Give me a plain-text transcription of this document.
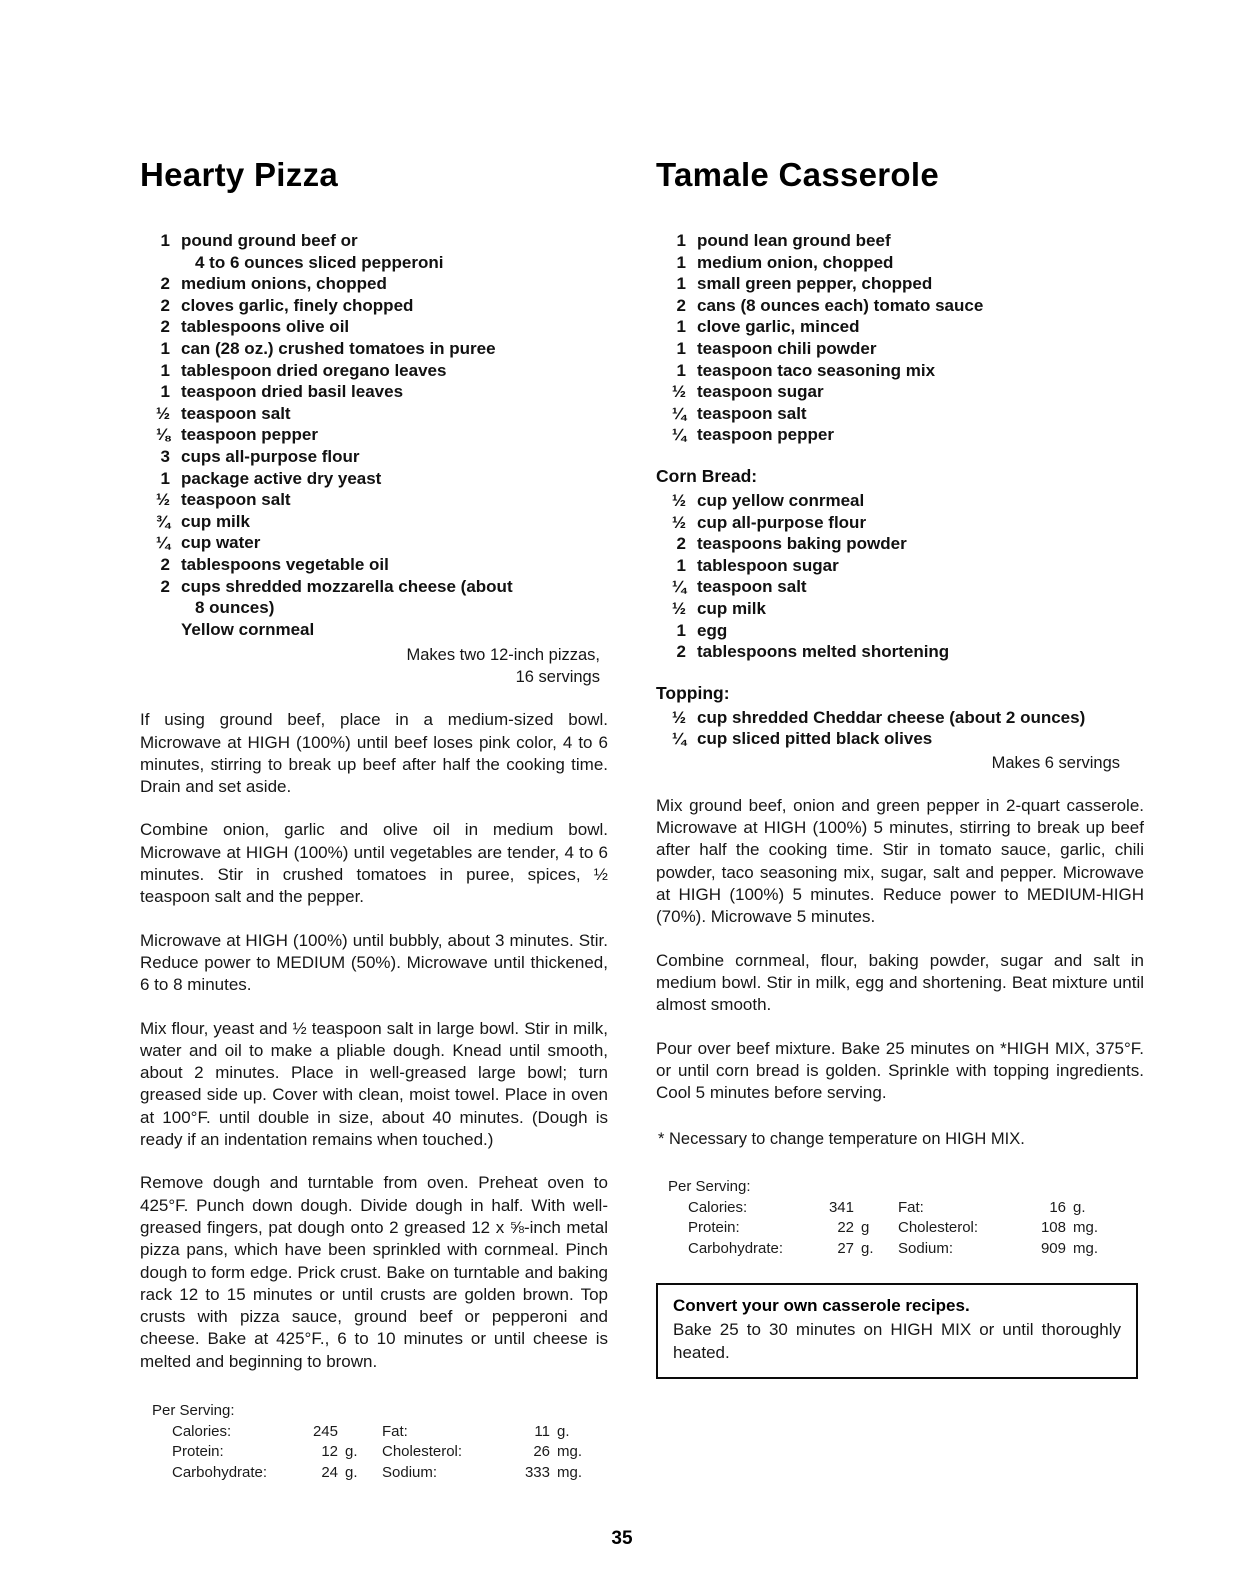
Hearty Pizza
1 pound ground beef or
4 to 6 ounces sliced pepperoni
2 medium onions, chopped
2 cloves garlic, finely chopped
2 tablespoons olive oil
1 can (28 oz.) crushed tomatoes in puree
1 tablespoon dried oregano leaves
1 teaspoon dried basil leaves
½ teaspoon salt
⅛ teaspoon pepper
3 cups all-purpose flour
1 package active dry yeast
½ teaspoon salt
¾ cup milk
¼ cup water
2 tablespoons vegetable oil
2 cups shredded mozzarella cheese (about
8 ounces)
Yellow cornmeal
Makes two 12-inch pizzas,
16 servings

If using ground beef, place in a medium-sized bowl. Microwave at HIGH (100%) until beef loses pink color, 4 to 6 minutes, stirring to break up beef after half the cooking time. Drain and set aside.

Combine onion, garlic and olive oil in medium bowl. Microwave at HIGH (100%) until vegetables are tender, 4 to 6 minutes. Stir in crushed tomatoes in puree, spices, ½ teaspoon salt and the pepper.

Microwave at HIGH (100%) until bubbly, about 3 minutes. Stir. Reduce power to MEDIUM (50%). Microwave until thickened, 6 to 8 minutes.

Mix flour, yeast and ½ teaspoon salt in large bowl. Stir in milk, water and oil to make a pliable dough. Knead until smooth, about 2 minutes. Place in well-greased large bowl; turn greased side up. Cover with clean, moist towel. Place in oven at 100°F. until double in size, about 40 minutes. (Dough is ready if an indentation remains when touched.)

Remove dough and turntable from oven. Preheat oven to 425°F. Punch down dough. Divide dough in half. With well-greased fingers, pat dough onto 2 greased 12 x ⅝-inch metal pizza pans, which have been sprinkled with cornmeal. Pinch dough to form edge. Prick crust. Bake on turntable and baking rack 12 to 15 minutes or until crusts are golden brown. Top crusts with pizza sauce, ground beef or pepperoni and cheese. Bake at 425°F., 6 to 10 minutes or until cheese is melted and beginning to brown.

Per Serving:
Calories:	245	Fat:	11 g.
Protein:	12 g.	Cholesterol:	26 mg.
Carbohydrate:	24 g.	Sodium:	333 mg.
Tamale Casserole
1 pound lean ground beef
1 medium onion, chopped
1 small green pepper, chopped
2 cans (8 ounces each) tomato sauce
1 clove garlic, minced
1 teaspoon chili powder
1 teaspoon taco seasoning mix
½ teaspoon sugar
¼ teaspoon salt
¼ teaspoon pepper
Corn Bread:
½ cup yellow conrmeal
½ cup all-purpose flour
2 teaspoons baking powder
1 tablespoon sugar
¼ teaspoon salt
½ cup milk
1 egg
2 tablespoons melted shortening
Topping:
½ cup shredded Cheddar cheese (about 2 ounces)
¼ cup sliced pitted black olives
Makes 6 servings

Mix ground beef, onion and green pepper in 2-quart casserole. Microwave at HIGH (100%) 5 minutes, stirring to break up beef after half the cooking time. Stir in tomato sauce, garlic, chili powder, taco seasoning mix, sugar, salt and pepper. Microwave at HIGH (100%) 5 minutes. Reduce power to MEDIUM-HIGH (70%). Microwave 5 minutes.

Combine cornmeal, flour, baking powder, sugar and salt in medium bowl. Stir in milk, egg and shortening. Beat mixture until almost smooth.

Pour over beef mixture. Bake 25 minutes on *HIGH MIX, 375°F. or until corn bread is golden. Sprinkle with topping ingredients. Cool 5 minutes before serving.

* Necessary to change temperature on HIGH MIX.

Per Serving:
Calories:	341	Fat:	16 g.
Protein:	22 g	Cholesterol:	108 mg.
Carbohydrate:	27 g.	Sodium:	909 mg.
Convert your own casserole recipes.
Bake 25 to 30 minutes on HIGH MIX or until thoroughly heated.
35
